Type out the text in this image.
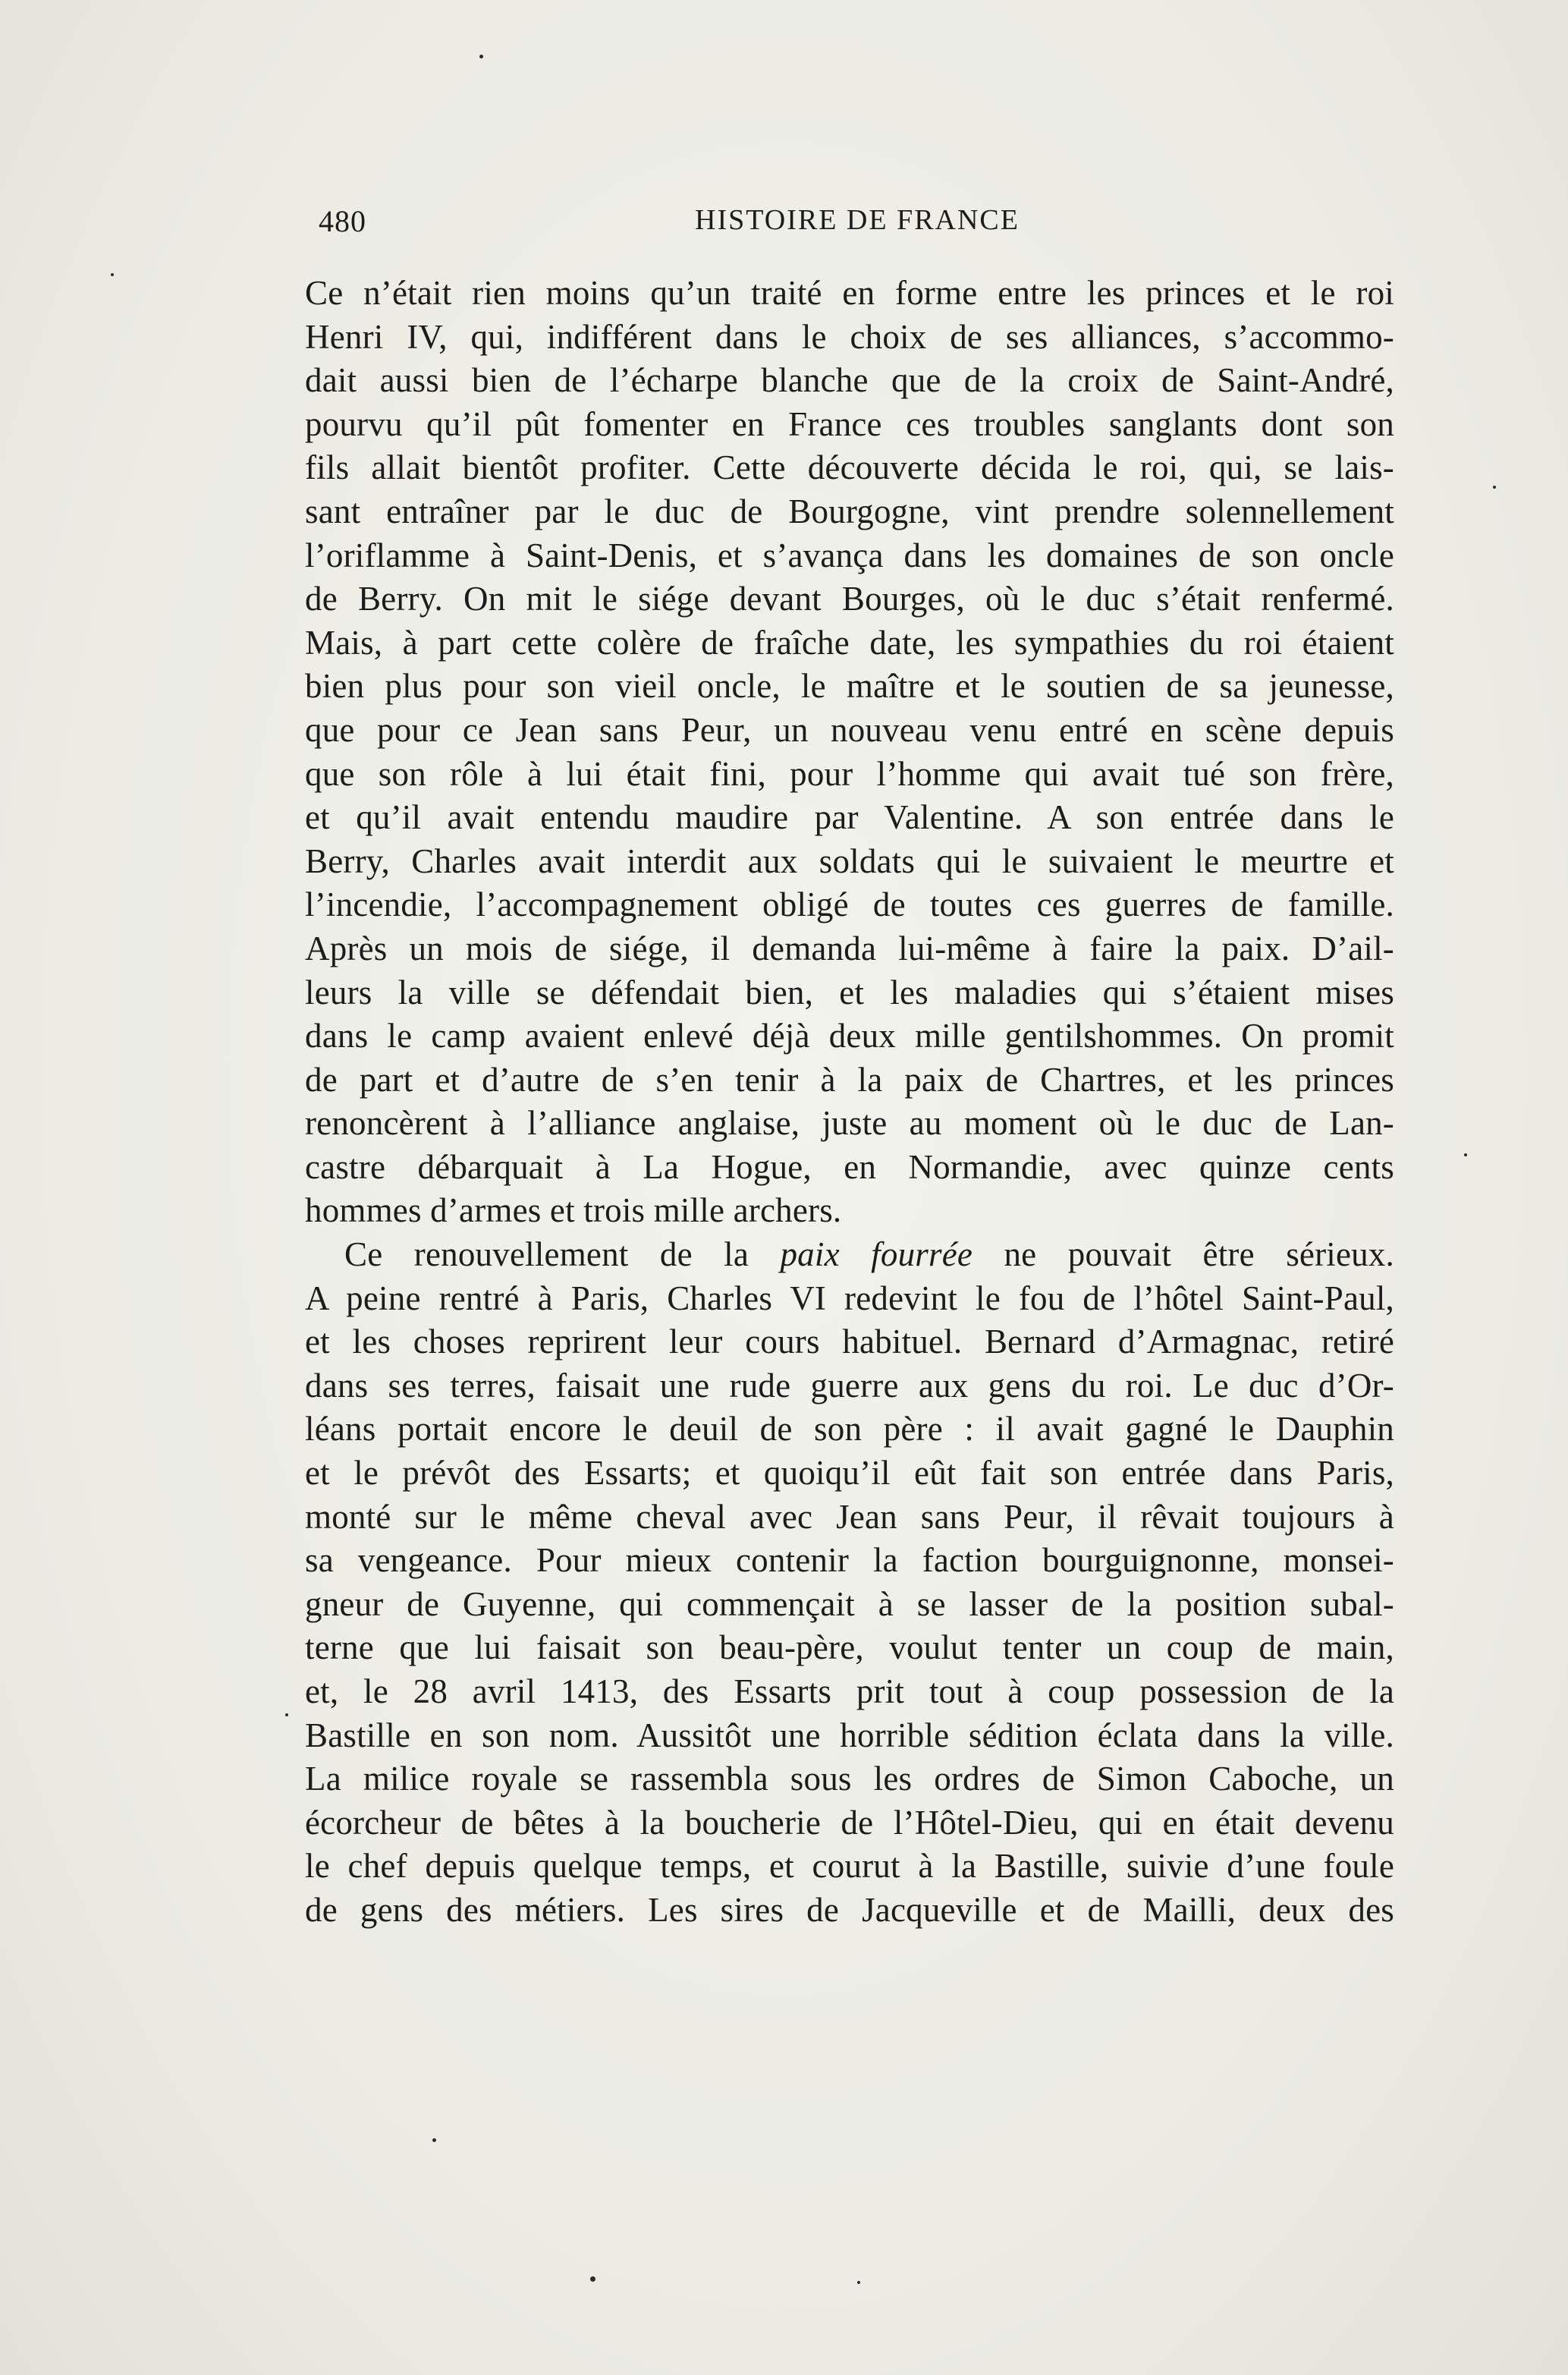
480	HISTOIRE DE FRANCE
Ce n’était rien moins qu’un traité en forme entre les princes et le roi
Henri IV, qui, indifférent dans le choix de ses alliances, s’accommo-
dait aussi bien de l’écharpe blanche que de la croix de Saint-André,
pourvu qu’il pût fomenter en France ces troubles sanglants dont son
fils allait bientôt profiter. Cette découverte décida le roi, qui, se lais-
sant entraîner par le duc de Bourgogne, vint prendre solennellement
l’oriflamme à Saint-Denis, et s’avança dans les domaines de son oncle
de Berry. On mit le siége devant Bourges, où le duc s’était renfermé.
Mais, à part cette colère de fraîche date, les sympathies du roi étaient
bien plus pour son vieil oncle, le maître et le soutien de sa jeunesse,
que pour ce Jean sans Peur, un nouveau venu entré en scène depuis
que son rôle à lui était fini, pour l’homme qui avait tué son frère,
et qu’il avait entendu maudire par Valentine. A son entrée dans le
Berry, Charles avait interdit aux soldats qui le suivaient le meurtre et
l’incendie, l’accompagnement obligé de toutes ces guerres de famille.
Après un mois de siége, il demanda lui-même à faire la paix. D’ail-
leurs la ville se défendait bien, et les maladies qui s’étaient mises
dans le camp avaient enlevé déjà deux mille gentilshommes. On promit
de part et d’autre de s’en tenir à la paix de Chartres, et les princes
renoncèrent à l’alliance anglaise, juste au moment où le duc de Lan-
castre débarquait à La Hogue, en Normandie, avec quinze cents
hommes d’armes et trois mille archers.
Ce renouvellement de la paix fourrée ne pouvait être sérieux.
A peine rentré à Paris, Charles VI redevint le fou de l’hôtel Saint-Paul,
et les choses reprirent leur cours habituel. Bernard d’Armagnac, retiré
dans ses terres, faisait une rude guerre aux gens du roi. Le duc d’Or-
léans portait encore le deuil de son père : il avait gagné le Dauphin
et le prévôt des Essarts; et quoiqu’il eût fait son entrée dans Paris,
monté sur le même cheval avec Jean sans Peur, il rêvait toujours à
sa vengeance. Pour mieux contenir la faction bourguignonne, monsei-
gneur de Guyenne, qui commençait à se lasser de la position subal-
terne que lui faisait son beau-père, voulut tenter un coup de main,
et, le 28 avril 1413, des Essarts prit tout à coup possession de la
Bastille en son nom. Aussitôt une horrible sédition éclata dans la ville.
La milice royale se rassembla sous les ordres de Simon Caboche, un
écorcheur de bêtes à la boucherie de l’Hôtel-Dieu, qui en était devenu
le chef depuis quelque temps, et courut à la Bastille, suivie d’une foule
de gens des métiers. Les sires de Jacqueville et de Mailli, deux des
